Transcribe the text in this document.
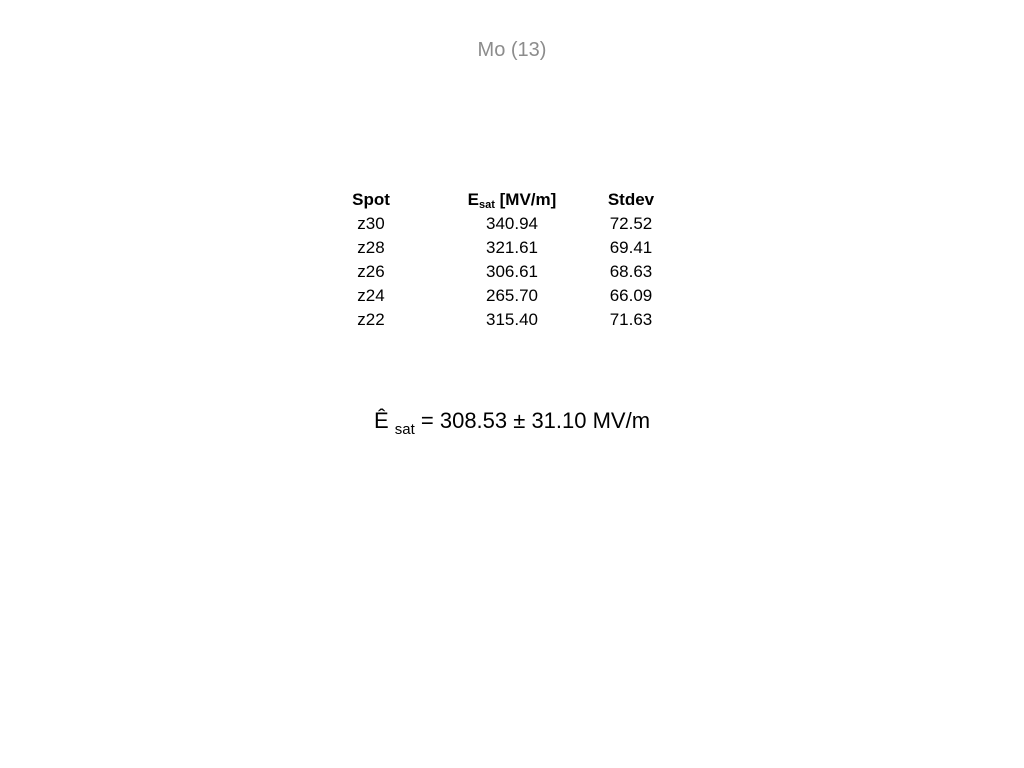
Mo (13)
Spot	$E_{sat}$ [MV/m]	Stdev
z30	340.94	72.52
z28	321.61	69.41
z26	306.61	68.63
z24	265.70	66.09
z22	315.40	71.63
Ê $_{sat}$ = 308.53 ± 31.10 MV/m
